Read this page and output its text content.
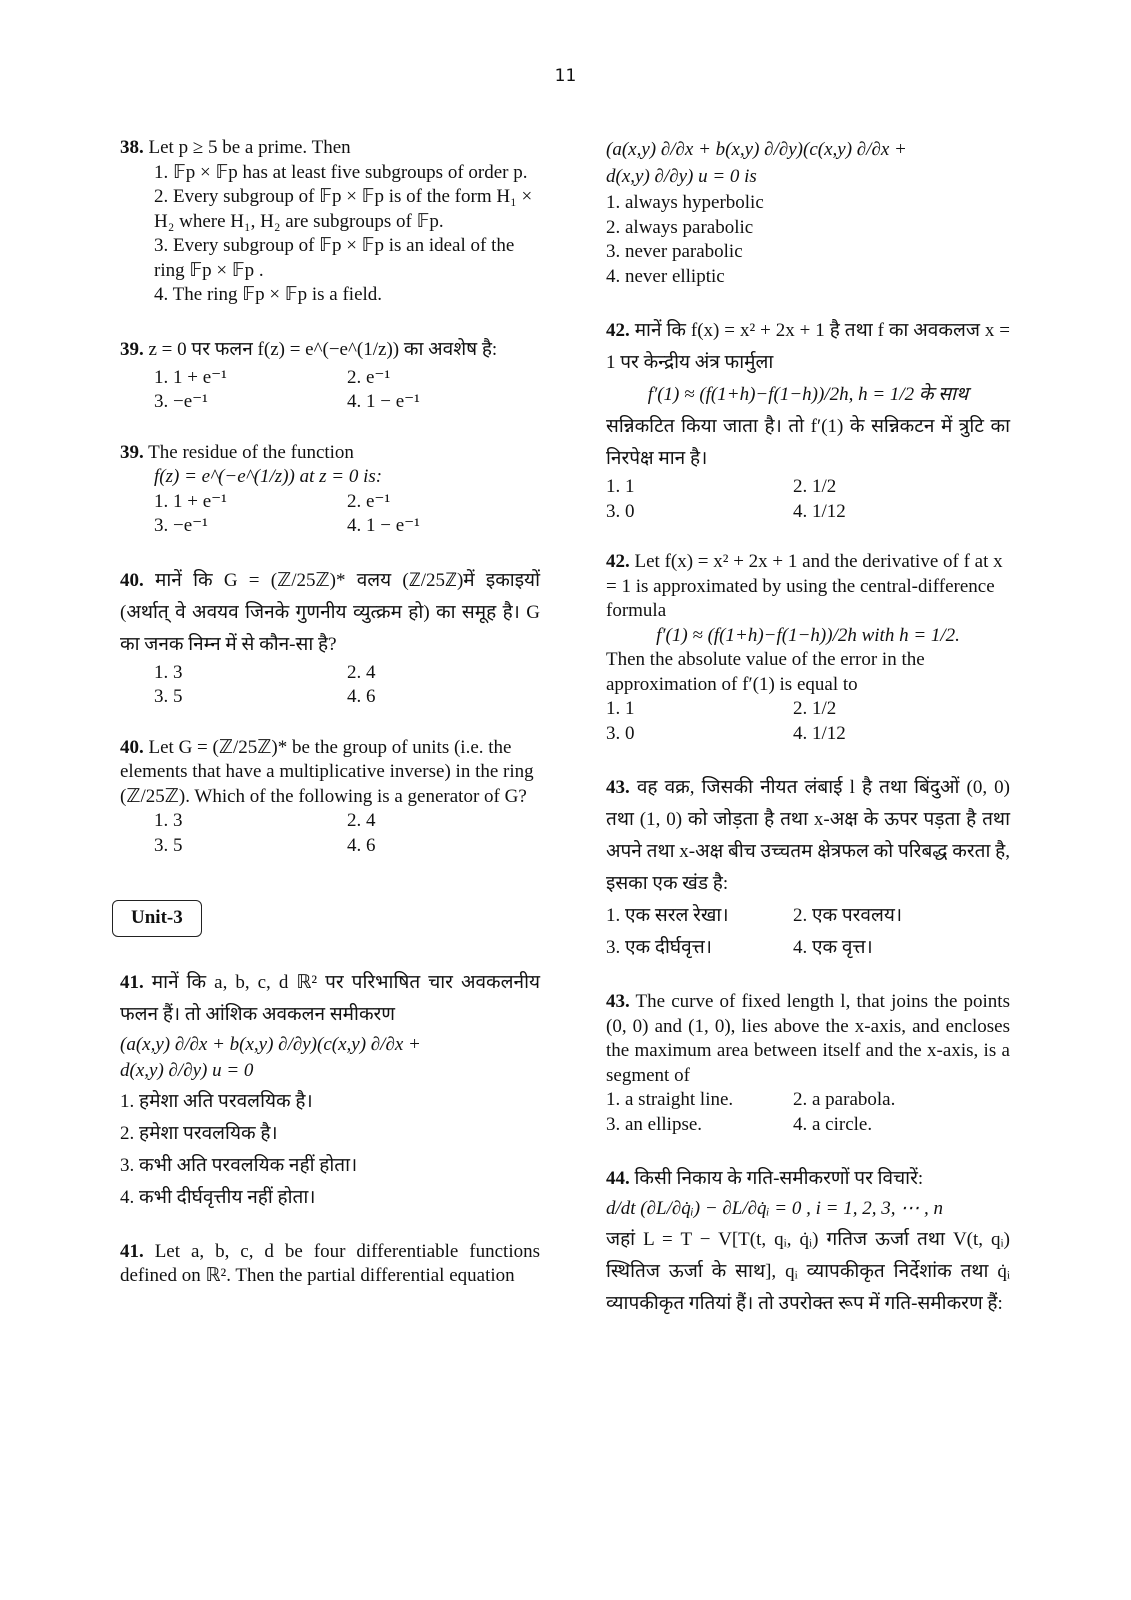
11
38. Let p ≥ 5 be a prime. Then
1. 𝔽p × 𝔽p has at least five subgroups of order p.
2. Every subgroup of 𝔽p × 𝔽p is of the form H₁ × H₂ where H₁, H₂ are subgroups of 𝔽p.
3. Every subgroup of 𝔽p × 𝔽p is an ideal of the ring 𝔽p × 𝔽p .
4. The ring 𝔽p × 𝔽p is a field.
39. z = 0 पर फलन f(z) = e^(−e^(1/z)) का अवशेष है:
1. 1 + e⁻¹	2. e⁻¹
3. −e⁻¹	4. 1 − e⁻¹
39. The residue of the function
f(z) = e^(−e^(1/z)) at z = 0 is:
1. 1 + e⁻¹	2. e⁻¹
3. −e⁻¹	4. 1 − e⁻¹
40. मानें कि G = (ℤ/25ℤ)* वलय (ℤ/25ℤ)में इकाइयों (अर्थात् वे अवयव जिनके गुणनीय व्युत्क्रम हो) का समूह है। G का जनक निम्न में से कौन-सा है?
1. 3	2. 4
3. 5	4. 6
40. Let G = (ℤ/25ℤ)* be the group of units (i.e. the elements that have a multiplicative inverse) in the ring (ℤ/25ℤ). Which of the following is a generator of G?
1. 3	2. 4
3. 5	4. 6
Unit-3
41. मानें कि a, b, c, d ℝ² पर परिभाषित चार अवकलनीय फलन हैं। तो आंशिक अवकलन समीकरण
(a(x,y) ∂/∂x + b(x,y) ∂/∂y)(c(x,y) ∂/∂x +
d(x,y) ∂/∂y) u = 0
1. हमेशा अति परवलयिक है।
2. हमेशा परवलयिक है।
3. कभी अति परवलयिक नहीं होता।
4. कभी दीर्घवृत्तीय नहीं होता।
41. Let a, b, c, d be four differentiable functions defined on ℝ². Then the partial differential equation
(a(x,y) ∂/∂x + b(x,y) ∂/∂y)(c(x,y) ∂/∂x +
d(x,y) ∂/∂y) u = 0 is
1. always hyperbolic
2. always parabolic
3. never parabolic
4. never elliptic
42. मानें कि f(x) = x² + 2x + 1 है तथा f का अवकलज x = 1 पर केन्द्रीय अंत्र फार्मुला
f′(1) ≈ (f(1+h)−f(1−h))/2h, h = 1/2 के साथ
सन्निकटित किया जाता है। तो f′(1) के सन्निकटन में त्रुटि का निरपेक्ष मान है।
1. 1	2. 1/2
3. 0	4. 1/12
42. Let f(x) = x² + 2x + 1 and the derivative of f at x = 1 is approximated by using the central-difference formula
f′(1) ≈ (f(1+h)−f(1−h))/2h with h = 1/2.
Then the absolute value of the error in the approximation of f′(1) is equal to
1. 1	2. 1/2
3. 0	4. 1/12
43. वह वक्र, जिसकी नीयत लंबाई l है तथा बिंदुओं (0, 0) तथा (1, 0) को जोड़ता है तथा x-अक्ष के ऊपर पड़ता है तथा अपने तथा x-अक्ष बीच उच्चतम क्षेत्रफल को परिबद्ध करता है, इसका एक खंड है:
1. एक सरल रेखा।	2. एक परवलय।
3. एक दीर्घवृत्त।	4. एक वृत्त।
43. The curve of fixed length l, that joins the points (0, 0) and (1, 0), lies above the x-axis, and encloses the maximum area between itself and the x-axis, is a segment of
1. a straight line.	2. a parabola.
3. an ellipse.	4. a circle.
44. किसी निकाय के गति-समीकरणों पर विचारें:
d/dt (∂L/∂q̇ᵢ) − ∂L/∂q̇ᵢ = 0 , i = 1, 2, 3, ⋯ , n
जहां L = T − V[T(t, qᵢ, q̇ᵢ) गतिज ऊर्जा तथा V(t, qᵢ) स्थितिज ऊर्जा के साथ], qᵢ व्यापकीकृत निर्देशांक तथा q̇ᵢ व्यापकीकृत गतियां हैं। तो उपरोक्त रूप में गति-समीकरण हैं:
